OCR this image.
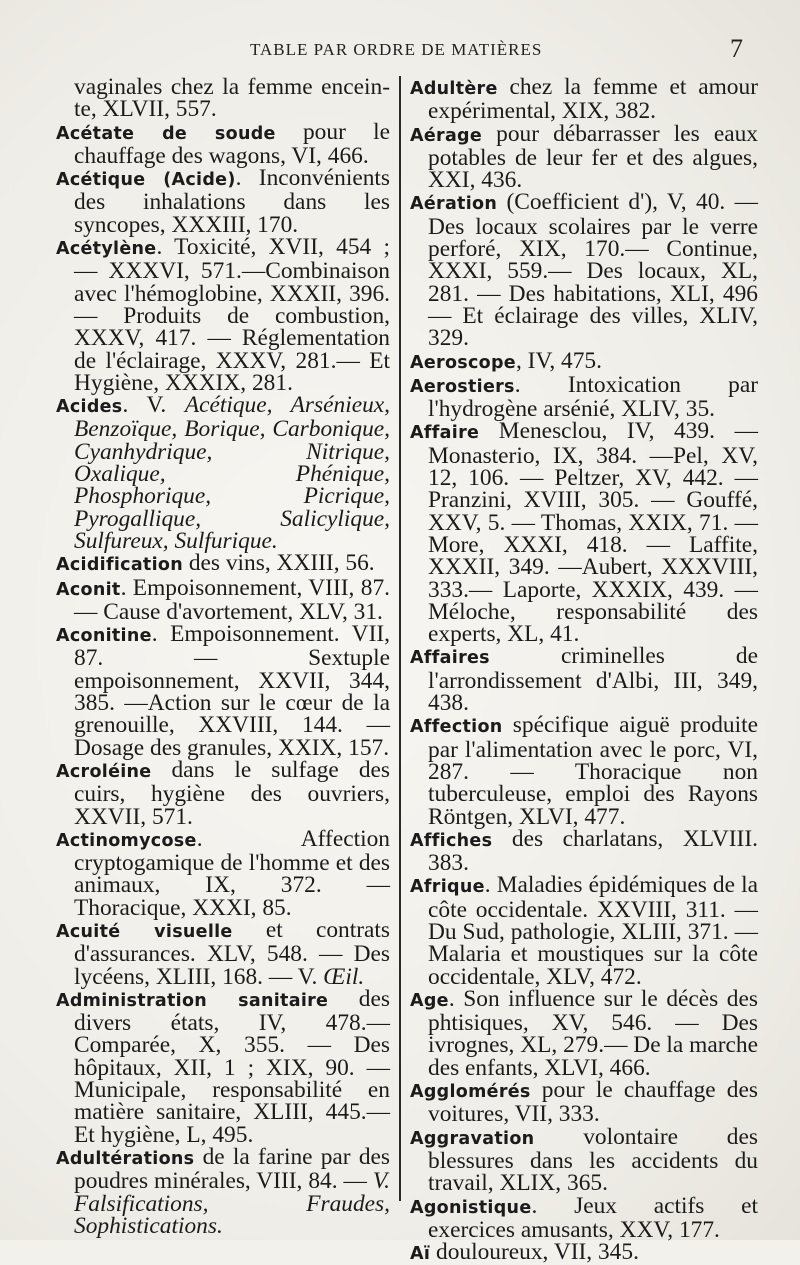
TABLE PAR ORDRE DE MATIÈRES	7

vaginales chez la femme encein-te, XLVII, 557.

Acétate de soude pour le chauffage des wagons, VI, 466.

Acétique (Acide). Inconvénients des inhalations dans les syncopes, XXXIII, 170.

Acétylène. Toxicité, XVII, 454 ; — XXXVI, 571.—Combinaison avec l'hémoglobine, XXXII, 396. — Produits de combustion, XXXV, 417. — Réglementation de l'éclairage, XXXV, 281.— Et Hygiène, XXXIX, 281.

Acides. V. Acétique, Arsénieux, Benzoïque, Borique, Carbonique, Cyanhydrique, Nitrique, Oxalique, Phénique, Phosphorique, Picrique, Pyrogallique, Salicylique, Sulfureux, Sulfurique.

Acidification des vins, XXIII, 56.

Aconit. Empoisonnement, VIII, 87.— Cause d'avortement, XLV, 31.

Aconitine. Empoisonnement. VII, 87. — Sextuple empoisonnement, XXVII, 344, 385. —Action sur le cœur de la grenouille, XXVIII, 144. — Dosage des granules, XXIX, 157.

Acroléine dans le sulfage des cuirs, hygiène des ouvriers, XXVII, 571.

Actinomycose. Affection cryptogamique de l'homme et des animaux, IX, 372. — Thoracique, XXXI, 85.

Acuité visuelle et contrats d'assurances. XLV, 548. — Des lycéens, XLIII, 168. — V. Œil.

Administration sanitaire des divers états, IV, 478.— Comparée, X, 355. — Des hôpitaux, XII, 1 ; XIX, 90. — Municipale, responsabilité en matière sanitaire, XLIII, 445.— Et hygiène, L, 495.

Adultérations de la farine par des poudres minérales, VIII, 84. — V. Falsifications, Fraudes, Sophistications.

Adultère chez la femme et amour expérimental, XIX, 382.

Aérage pour débarrasser les eaux potables de leur fer et des algues, XXI, 436.

Aération (Coefficient d'), V, 40. — Des locaux scolaires par le verre perforé, XIX, 170.— Continue, XXXI, 559.— Des locaux, XL, 281. — Des habitations, XLI, 496 — Et éclairage des villes, XLIV, 329.

Aeroscope, IV, 475.

Aerostiers. Intoxication par l'hydrogène arsénié, XLIV, 35.

Affaire Menesclou, IV, 439. — Monasterio, IX, 384. —Pel, XV, 12, 106. — Peltzer, XV, 442. — Pranzini, XVIII, 305. — Gouffé, XXV, 5. — Thomas, XXIX, 71. — More, XXXI, 418. — Laffite, XXXII, 349. —Aubert, XXXVIII, 333.— Laporte, XXXIX, 439. — Méloche, responsabilité des experts, XL, 41.

Affaires criminelles de l'arrondissement d'Albi, III, 349, 438.

Affection spécifique aiguë produite par l'alimentation avec le porc, VI, 287. — Thoracique non tuberculeuse, emploi des Rayons Röntgen, XLVI, 477.

Affiches des charlatans, XLVIII. 383.

Afrique. Maladies épidémiques de la côte occidentale. XXVIII, 311. —Du Sud, pathologie, XLIII, 371. — Malaria et moustiques sur la côte occidentale, XLV, 472.

Age. Son influence sur le décès des phtisiques, XV, 546. — Des ivrognes, XL, 279.— De la marche des enfants, XLVI, 466.

Agglomérés pour le chauffage des voitures, VII, 333.

Aggravation volontaire des blessures dans les accidents du travail, XLIX, 365.

Agonistique. Jeux actifs et exercices amusants, XXV, 177.

Aï douloureux, VII, 345.
